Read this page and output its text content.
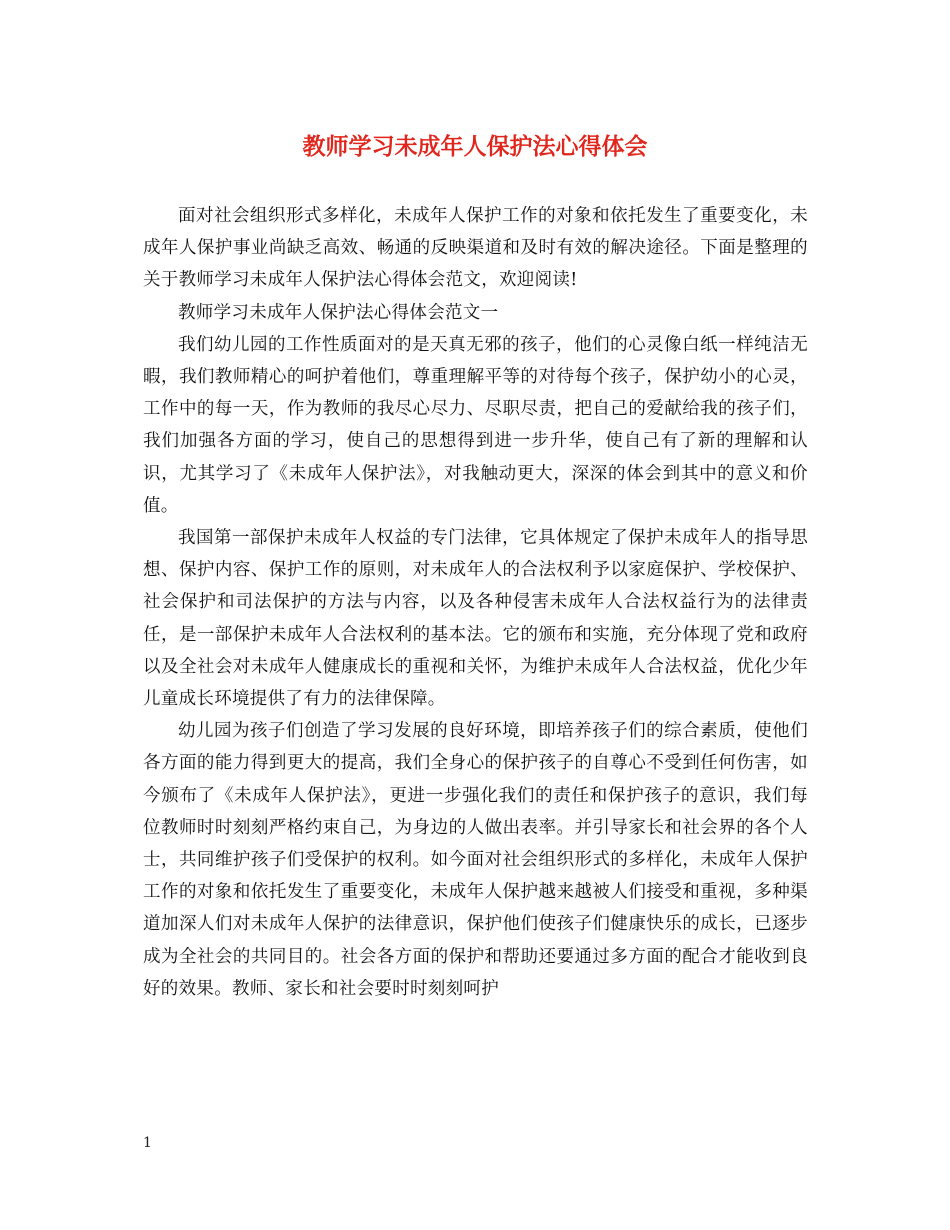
教师学习未成年人保护法心得体会

面对社会组织形式多样化，未成年人保护工作的对象和依托发生了重要变化，未成年人保护事业尚缺乏高效、畅通的反映渠道和及时有效的解决途径。下面是整理的关于教师学习未成年人保护法心得体会范文，欢迎阅读!

教师学习未成年人保护法心得体会范文一

我们幼儿园的工作性质面对的是天真无邪的孩子，他们的心灵像白纸一样纯洁无暇，我们教师精心的呵护着他们，尊重理解平等的对待每个孩子，保护幼小的心灵，工作中的每一天，作为教师的我尽心尽力、尽职尽责，把自己的爱献给我的孩子们，我们加强各方面的学习，使自己的思想得到进一步升华，使自己有了新的理解和认识，尤其学习了《未成年人保护法》，对我触动更大，深深的体会到其中的意义和价值。

我国第一部保护未成年人权益的专门法律，它具体规定了保护未成年人的指导思想、保护内容、保护工作的原则，对未成年人的合法权利予以家庭保护、学校保护、社会保护和司法保护的方法与内容，以及各种侵害未成年人合法权益行为的法律责任，是一部保护未成年人合法权利的基本法。它的颁布和实施，充分体现了党和政府以及全社会对未成年人健康成长的重视和关怀，为维护未成年人合法权益，优化少年儿童成长环境提供了有力的法律保障。

幼儿园为孩子们创造了学习发展的良好环境，即培养孩子们的综合素质，使他们各方面的能力得到更大的提高，我们全身心的保护孩子的自尊心不受到任何伤害，如今颁布了《未成年人保护法》，更进一步强化我们的责任和保护孩子的意识，我们每位教师时时刻刻严格约束自己，为身边的人做出表率。并引导家长和社会界的各个人士，共同维护孩子们受保护的权利。如今面对社会组织形式的多样化，未成年人保护工作的对象和依托发生了重要变化，未成年人保护越来越被人们接受和重视，多种渠道加深人们对未成年人保护的法律意识，保护他们使孩子们健康快乐的成长，已逐步成为全社会的共同目的。社会各方面的保护和帮助还要通过多方面的配合才能收到良好的效果。教师、家长和社会要时时刻刻呵护

1
